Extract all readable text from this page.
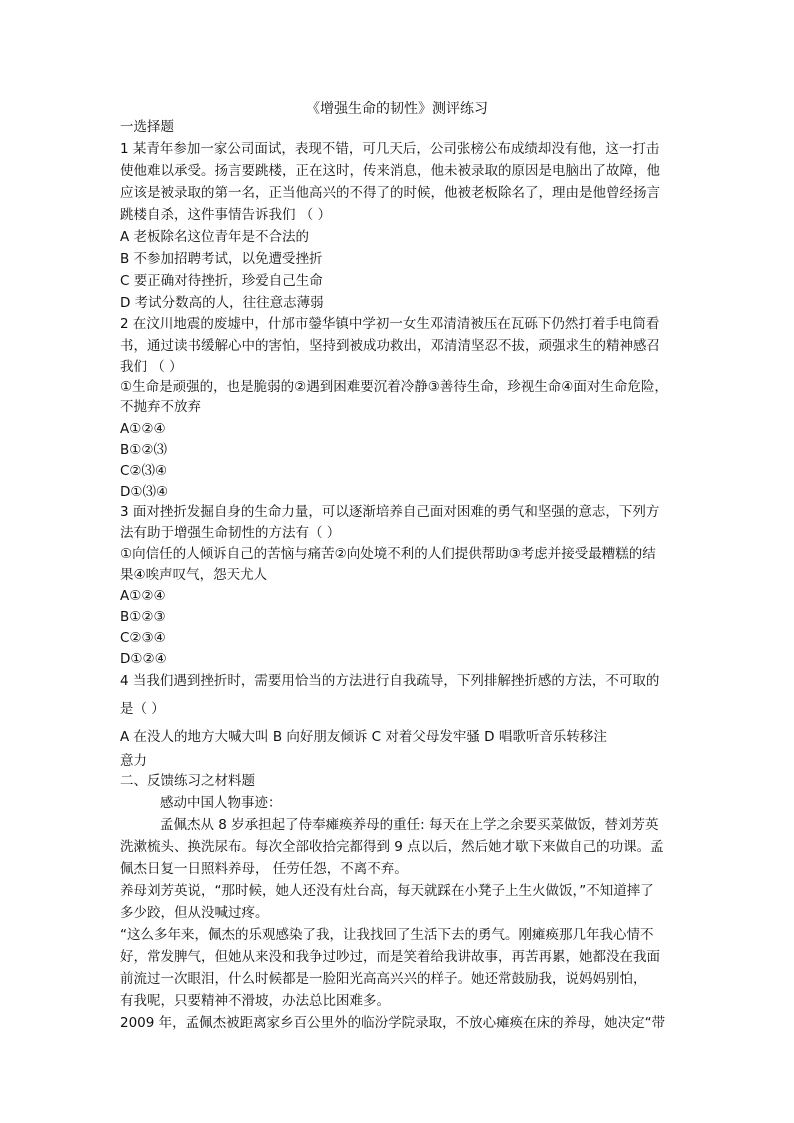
《增强生命的韧性》测评练习
一选择题
1 某青年参加一家公司面试，表现不错，可几天后，公司张榜公布成绩却没有他，这一打击
使他难以承受。扬言要跳楼，正在这时，传来消息，他未被录取的原因是电脑出了故障，他
应该是被录取的第一名，正当他高兴的不得了的时候，他被老板除名了，理由是他曾经扬言
跳楼自杀，这件事情告诉我们 （ ）
A 老板除名这位青年是不合法的
B 不参加招聘考试，以免遭受挫折
C 要正确对待挫折，珍爱自己生命
D 考试分数高的人，往往意志薄弱
2 在汶川地震的废墟中，什邡市鎣华镇中学初一女生邓清清被压在瓦砾下仍然打着手电筒看
书，通过读书缓解心中的害怕，坚持到被成功救出，邓清清坚忍不拔，顽强求生的精神感召
我们 （ ）
①生命是顽强的，也是脆弱的②遇到困难要沉着冷静③善待生命，珍视生命④面对生命危险，
不抛弃不放弃
A①②④
B①②⑶
C②⑶④
D①⑶④
3 面对挫折发掘自身的生命力量，可以逐渐培养自己面对困难的勇气和坚强的意志，下列方
法有助于增强生命韧性的方法有（ ）
①向信任的人倾诉自己的苦恼与痛苦②向处境不利的人们提供帮助③考虑并接受最糟糕的结
果④唉声叹气，怨天尤人
A①②④
B①②③
C②③④
D①②④
4 当我们遇到挫折时，需要用恰当的方法进行自我疏导，下列排解挫折感的方法，不可取的
是（ ）
A 在没人的地方大喊大叫 B 向好朋友倾诉 C 对着父母发牢骚 D 唱歌听音乐转移注
意力
二、反馈练习之材料题
感动中国人物事迹：
孟佩杰从 8 岁承担起了侍奉瘫痪养母的重任: 每天在上学之余要买菜做饭，替刘芳英
洗漱梳头、换洗尿布。每次全部收拾完都得到 9 点以后，然后她才歇下来做自己的功课。孟
佩杰日复一日照料养母， 任劳任怨，不离不弃。
养母刘芳英说，“那时候，她人还没有灶台高，每天就踩在小凳子上生火做饭，”不知道摔了
多少跤，但从没喊过疼。
“这么多年来，佩杰的乐观感染了我，让我找回了生活下去的勇气。刚瘫痪那几年我心情不
好，常发脾气，但她从来没和我争过吵过，而是笑着给我讲故事，再苦再累，她都没在我面
前流过一次眼泪，什么时候都是一脸阳光高高兴兴的样子。她还常鼓励我，说妈妈别怕，
有我呢，只要精神不滑坡，办法总比困难多。
2009 年，孟佩杰被距离家乡百公里外的临汾学院录取，不放心瘫痪在床的养母，她决定“带
